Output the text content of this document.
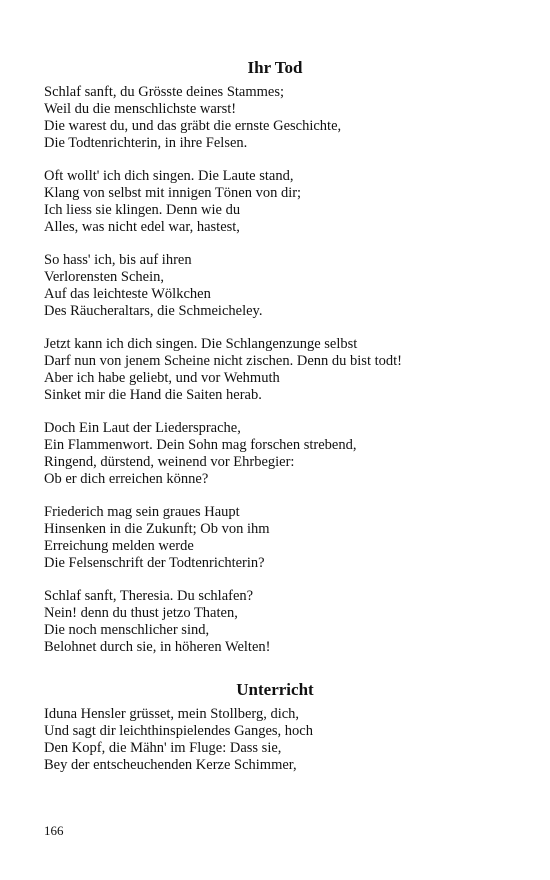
Ihr Tod
Schlaf sanft, du Grösste deines Stammes;
Weil du die menschlichste warst!
Die warest du, und das gräbt die ernste Geschichte,
Die Todtenrichterin, in ihre Felsen.
Oft wollt' ich dich singen. Die Laute stand,
Klang von selbst mit innigen Tönen von dir;
Ich liess sie klingen. Denn wie du
Alles, was nicht edel war, hastest,
So hass' ich, bis auf ihren
Verlorensten Schein,
Auf das leichteste Wölkchen
Des Räucheraltars, die Schmeicheley.
Jetzt kann ich dich singen. Die Schlangenzunge selbst
Darf nun von jenem Scheine nicht zischen. Denn du bist todt!
Aber ich habe geliebt, und vor Wehmuth
Sinket mir die Hand die Saiten herab.
Doch Ein Laut der Liedersprache,
Ein Flammenwort. Dein Sohn mag forschen strebend,
Ringend, dürstend, weinend vor Ehrbegier:
Ob er dich erreichen könne?
Friederich mag sein graues Haupt
Hinsenken in die Zukunft; Ob von ihm
Erreichung melden werde
Die Felsenschrift der Todtenrichterin?
Schlaf sanft, Theresia. Du schlafen?
Nein! denn du thust jetzo Thaten,
Die noch menschlicher sind,
Belohnet durch sie, in höheren Welten!
Unterricht
Iduna Hensler grüsset, mein Stollberg, dich,
Und sagt dir leichthinspielendes Ganges, hoch
Den Kopf, die Mähn' im Fluge: Dass sie,
Bey der entscheuchenden Kerze Schimmer,
166
